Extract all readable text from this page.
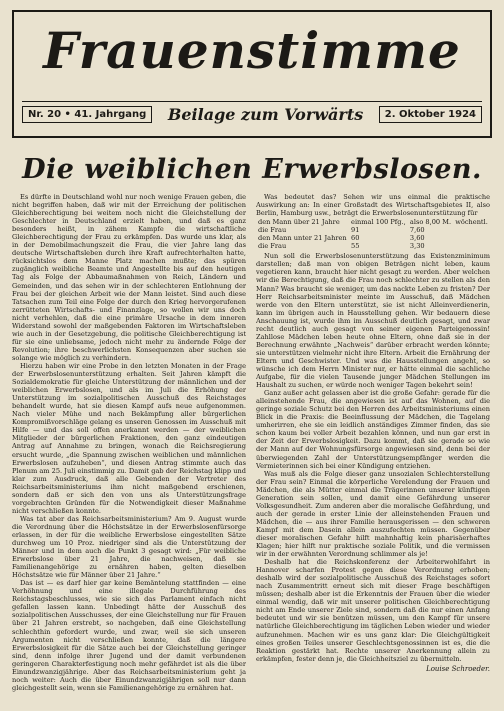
Frauenstimme
Nr. 20 • 41. Jahrgang	Beilage zum Vorwärts	2. Oktober 1924
Die weiblichen Erwerbslosen.

Es dürfte in Deutschland wohl nur noch wenige Frauen geben, die nicht begriffen haben, daß wir mit der Erreichung der politischen Gleichberechtigung bei weitem noch nicht die Gleichstellung der Geschlechter in Deutschland erzielt haben, und daß es ganz besonders heißt, in zähem Kampfe die wirtschaftliche Gleichberechtigung der Frau zu erkämpfen. Das wurde uns klar, als in der Demobilmachungszeit die Frau, die vier Jahre lang das deutsche Wirtschaftsleben durch ihre Kraft aufrechterhalten hatte, rücksichtslos dem Manne Platz machen mußte; das spüren zugänglich weibliche Beamte und Angestellte bis auf den heutigen Tag als Folge der Abbaumaßnahmen von Reich, Ländern und Gemeinden, und das sehen wir in der schlechteren Entlohnung der Frau bei der gleichen Arbeit wie der Mann leistet. Sind auch diese Tatsachen zum Teil eine Folge der durch den Krieg hervorgerufenen zerrütteten Wirtschafts- und Finanzlage, so wollen wir uns doch nicht verhehlen, daß die eine primäre Ursache in dem inneren Widerstand sowohl der maßgebenden Faktoren im Wirtschaftsleben wie auch in der Gesetzgebung, die politische Gleichberechtigung ist für sie eine unliebsame, jedoch nicht mehr zu ändernde Folge der Revolution; ihre beschwerlichsten Konsequenzen aber suchen sie solange wie möglich zu verhindern.

Hierzu haben wir eine Probe in den letzten Monaten in der Frage der Erwerbslosenunterstützung erhalten. Seit Jahren kämpft die Sozialdemokratie für gleiche Unterstützung der männlichen und der weiblichen Erwerbslosen, und als im Juli die Erhöhung der Unterstützung im sozialpolitischen Ausschuß des Reichstages behandelt wurde, hat sie diesen Kampf aufs neue aufgenommen. Nach vieler Mühe und nach Bekämpfung aller bürgerlichen Kompromißvorschläge gelang es unseren Genossen im Ausschuß mit Hilfe — und das soll offen anerkannt werden — der weiblichen Mitglieder der bürgerlichen Fraktionen, den ganz eindeutigen Antrag auf Annahme zu bringen, wonach die Reichsregierung ersucht wurde, „die Spannung zwischen weiblichen und männlichen Erwerbslosen aufzuheben“, und diesen Antrag stimmte auch das Plenum am 25. Juli einstimmig zu. Damit gab der Reichstag klipp und klar zum Ausdruck, daß alle Gebenden der Vertreter des Reichsarbeitsministeriums ihm nicht maßgebend erschienen, sondern daß er sich den von uns als Unterstützungsfrage vorgebrachten Gründen für die Notwendigkeit dieser Maßnahme nicht verschließen konnte.

Was tat aber das Reichsarbeitsministerium? Am 9. August wurde die Verordnung über die Höchstsätze in der Erwerbslosenfürsorge erlassen, in der für die weibliche Erwerbslose eingestellten Sätze durchweg um 10 Proz. niedriger sind als die Unterstützung der Männer und in dem auch die Punkt 3 gesagt wird: „Für weibliche Erwerbslose über 21 Jahre, die nachweisen, daß sie Familienangehörige zu ernähren haben, gelten dieselben Höchstsätze wie für Männer über 21 Jahre.“

Das ist — es darf hier gar keine Bemäntelung stattfinden — eine Verhöhnung und eine illegale Durchführung des Reichstagsbeschlusses, wie sie sich das Parlament einfach nicht gefallen lassen kann. Unbedingt hätte der Ausschuß des sozialpolitischen Ausschusses, der eine Gleichstellung nur für Frauen über 21 Jahren erstrebt, so nachgeben, daß eine Gleichstellung schlechthin gefordert wurde, und zwar, weil sie sich unseren Argumenten nicht verschließen konnte, daß die längere Erwerbslosigkeit für die Sätze auch bei der Gleichstellung geringer sind, denn infolge ihrer Jugend und der damit verbundenen geringeren Charakterfestigung noch mehr gefährdet ist als die über Einundzwanzigjährige. Aber das Reichsarbeitsministerium geht ja noch weiter: Auch die über Einundzwanzigjährigen soll nur dann gleichgestellt sein, wenn sie Familienangehörige zu ernähren hat.

Was bedeutet das? Sehen wir uns einmal die praktische Auswirkung an: In einer Großstadt des Wirtschaftsgebietes II, also Berlin, Hamburg usw., beträgt die Erwerbslosenunterstützung für

den Mann über 21 Jahre	einmal 100 Pfg.,	also 8,00 M.	wöchentl.
die Frau	91	7,60	
den Mann unter 21 Jahren	60	3,60	
die Frau	55	3,30	

Nun soll die Erwerbslosenunterstützung das Existenzminimum darstellen; daß man von obigen Beträgen nicht leben, kaum vegetieren kann, braucht hier nicht gesagt zu werden. Aber welchen wir die Berechtigung, daß die Frau noch schlechter zu stellen als den Mann? Was braucht sie weniger, um das nackte Leben zu fristen? Der Herr Reichsarbeitsminister meinte im Ausschuß, daß Mädchen werde von den Eltern unterstützt, sie ist nicht Alleinverdienerin, kann im übrigen auch in Hausstellung gehen. Wir bedauern diese Anschauung ist, wurde ihm im Ausschuß deutlich gesagt, und zwar recht deutlich auch gesagt von seiner eigenen Parteigenossin! Zahllose Mädchen leben heute ohne Eltern, ohne daß sie in der Berechnung erwähnte „Nachweis“ darüber erbracht werden könnte; sie unterstützen vielmehr nicht ihre Eltern. Arbeit die Ernährung der Eltern und Geschwister. Und was die Hausstellungen angeht, so wünsche ich dem Herrn Minister nur, er hätte einmal die sachliche Aufgabe, für die vielen Tausende junger Mädchen Stellungen im Haushalt zu suchen, er würde noch weniger Tagen bekehrt sein!

Ganz außer acht gelassen aber ist die große Gefahr: gerade für die alleinstehende Frau, die angewiesen ist auf das Wohnen, auf die geringe soziale Schutz bei den Herren des Arbeitsministeriums einen Blick in die Praxis: die Beeinflussung der Mädchen, die Tagelang umherirren, ehe sie ein leidlich anständiges Zimmer finden, das sie schon kaum bei voller Arbeit bezahlen können, und nun gar erst in der Zeit der Erwerbslosigkeit. Dazu kommt, daß sie gerade so wie der Mann auf der Wohnungsfürsorge angewiesen sind, denn bei der überwiegenden Zahl der Unterstützungsempfänger werden die Vermieterinnen sich bei einer Kündigung entziehen.

Was muß als die Folge dieser ganz unsozialen Schlechterstellung der Frau sein? Einmal die körperliche Verelendung der Frauen und Mädchen, die als Mütter einmal die Trägerinnen unserer künftigen Generation sein sollen, und damit eine Gefährdung unserer Volksgesundheit. Zum anderen aber die moralische Gefährdung, und auch der gerade in erster Linie der alleinstehenden Frauen und Mädchen, die — aus ihrer Familie herausgerissen — den schweren Kampf mit dem Dasein allein auszufechten müssen. Gegenüber dieser moralischen Gefahr hilft mahnhaftig kein pharisäerhaftes Klagen; hier hilft nur praktische soziale Politik, und die vermissen wir in der erwähnten Verordnung schlimmer als je!

Deshalb hat die Reichskonferenz der Arbeiterwohlfahrt in Hannover scharfen Protest gegen diese Verordnung erhoben; deshalb wird der sozialpolitische Ausschuß des Reichstages sofort nach Zusammentritt erneut sich mit dieser Frage beschäftigen müssen; deshalb aber ist die Erkenntnis der Frauen über die wieder einmal wendig, daß wir mit unserer politischen Gleichberechtigung nicht am Ende unserer Ziele sind, sondern daß die nur einen Anfang bedeutet und wir sie benützen müssen, um den Kampf für unsere natürliche Gleichberechtigung im täglichen Leben wieder und wieder aufzunehmen. Machen wir es uns ganz klar: Die Gleichgültigkeit eines großen Teiles unserer Geschlechtsgenossinnen ist es, die die Reaktion gestärkt hat. Rechte unserer Anerkennung allein zu erkämpfen, fester denn je, die Gleichheitsziel zu übermitteln.

Louise Schroeder.
